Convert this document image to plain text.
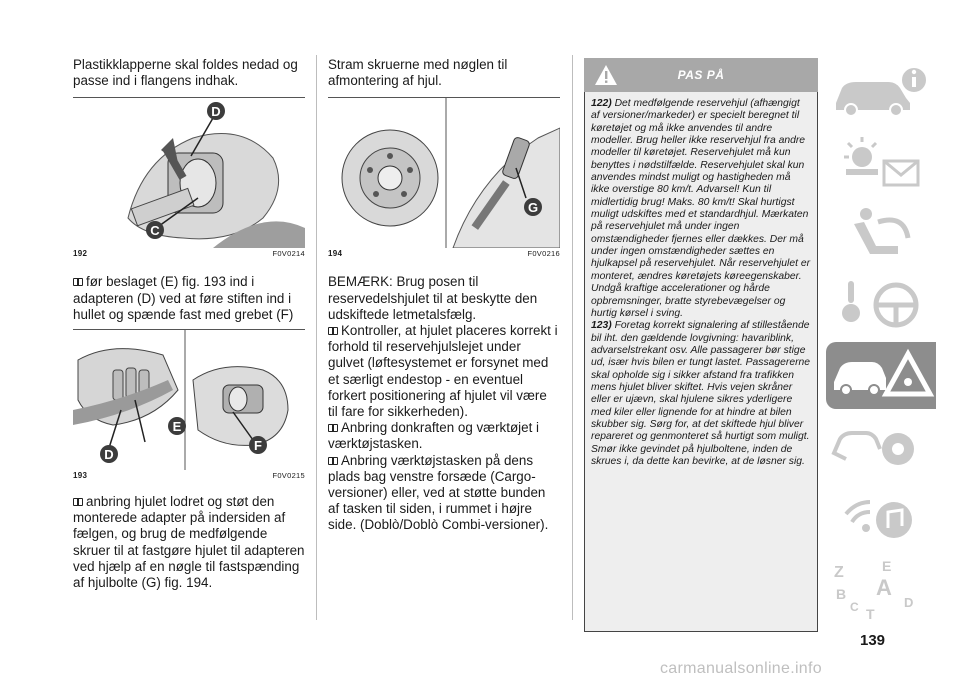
Plastikklapperne skal foldes nedad og passe ind i flangens indhak.

D
C
192	F0V0214

før beslaget (E) fig. 193 ind i adapteren (D) ved at føre stiften ind i hullet og spænde fast med grebet (F)

E
D
F
193	F0V0215

anbring hjulet lodret og støt den monterede adapter på indersiden af fælgen, og brug de medfølgende skruer til at fastgøre hjulet til adapteren ved hjælp af en nøgle til fastspænding af hjulbolte (G) fig. 194.

Stram skruerne med nøglen til afmontering af hjul.

G
194	F0V0216

BEMÆRK: Brug posen til reservedelshjulet til at beskytte den udskiftede letmetalsfælg.

Kontroller, at hjulet placeres korrekt i forhold til reservehjulslejet under gulvet (løftesystemet er forsynet med et særligt endestop - en eventuel forkert positionering af hjulet vil være til fare for sikkerheden).

Anbring donkraften og værktøjet i værktøjstasken.

Anbring værktøjstasken på dens plads bag venstre forsæde (Cargo-versioner) eller, ved at støtte bunden af tasken til siden, i rummet i højre side. (Doblò/Doblò Combi-versioner).

PAS PÅ

122) Det medfølgende reservehjul (afhængigt af versioner/markeder) er specielt beregnet til køretøjet og må ikke anvendes til andre modeller. Brug heller ikke reservehjul fra andre modeller til køretøjet. Reservehjulet må kun benyttes i nødstilfælde. Reservehjulet skal kun anvendes mindst muligt og hastigheden må ikke overstige 80 km/t. Advarsel! Kun til midlertidig brug! Maks. 80 km/t! Skal hurtigst muligt udskiftes med et standardhjul. Mærkaten på reservehjulet må under ingen omstændigheder fjernes eller dækkes. Der må under ingen omstændigheder sættes en hjulkapsel på reservehjulet. Når reservehjulet er monteret, ændres køretøjets køreegenskaber. Undgå kraftige accelerationer og hårde opbremsninger, bratte styrebevægelser og hurtig kørsel i sving.

123) Foretag korrekt signalering af stillestående bil iht. den gældende lovgivning: havariblink, advarselstrekant osv. Alle passagerer bør stige ud, især hvis bilen er tungt lastet. Passagererne skal opholde sig i sikker afstand fra trafikken mens hjulet bliver skiftet. Hvis vejen skråner eller er ujævn, skal hjulene sikres yderligere med kiler eller lignende for at hindre at bilen skubber sig. Sørg for, at det skiftede hjul bliver repareret og genmonteret så hurtigt som muligt. Smør ikke gevindet på hjulboltene, inden de skrues i, da dette kan bevirke, at de løsner sig.

Z	E
A
B
C T
D
139
carmanualsonline.info
